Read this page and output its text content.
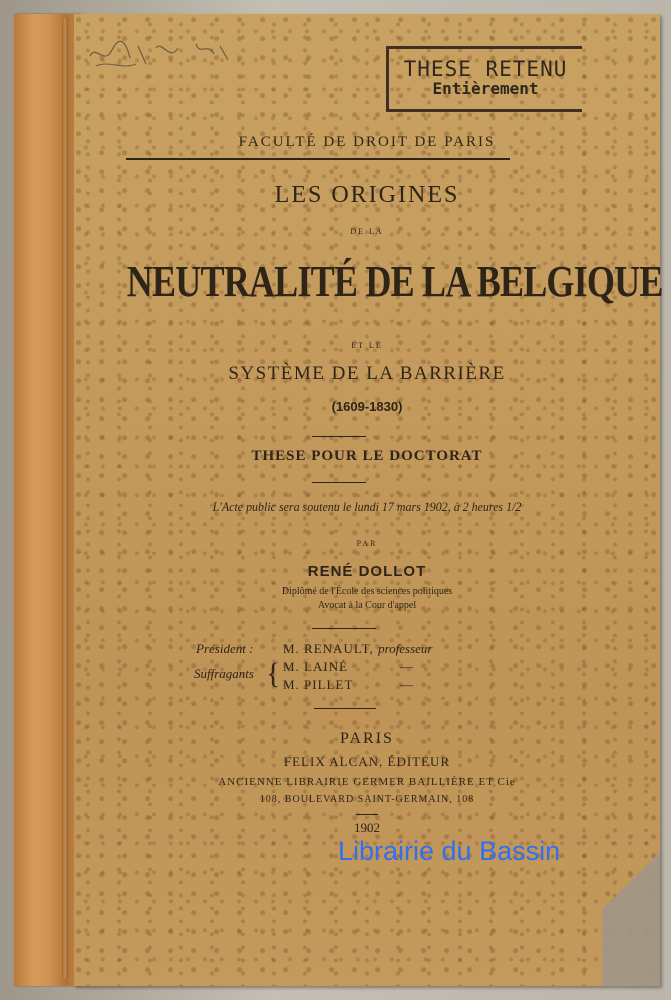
THESE RETENU
Entièrement
FACULTÉ DE DROIT DE PARIS
LES ORIGINES
DE LA
NEUTRALITÉ DE LA BELGIQUE
ET LE
SYSTÈME DE LA BARRIÈRE
(1609-1830)
THESE POUR LE DOCTORAT
L'Acte public sera soutenu le lundi 17 mars 1902, à 2 heures 1/2
PAR
RENÉ DOLLOT
Diplômé de l'École des sciences politiques
Avocat à la Cour d'appel
Président : M. RENAULT, professeur
Suffragants { M. LAINÉ	—
M. PILLET	—
PARIS
FELIX ALCAN, ÉDITEUR
ANCIENNE LIBRAIRIE GERMER BAILLIÈRE ET Cie
108, BOULEVARD SAINT-GERMAIN, 108
1902
Librairie du Bassin
